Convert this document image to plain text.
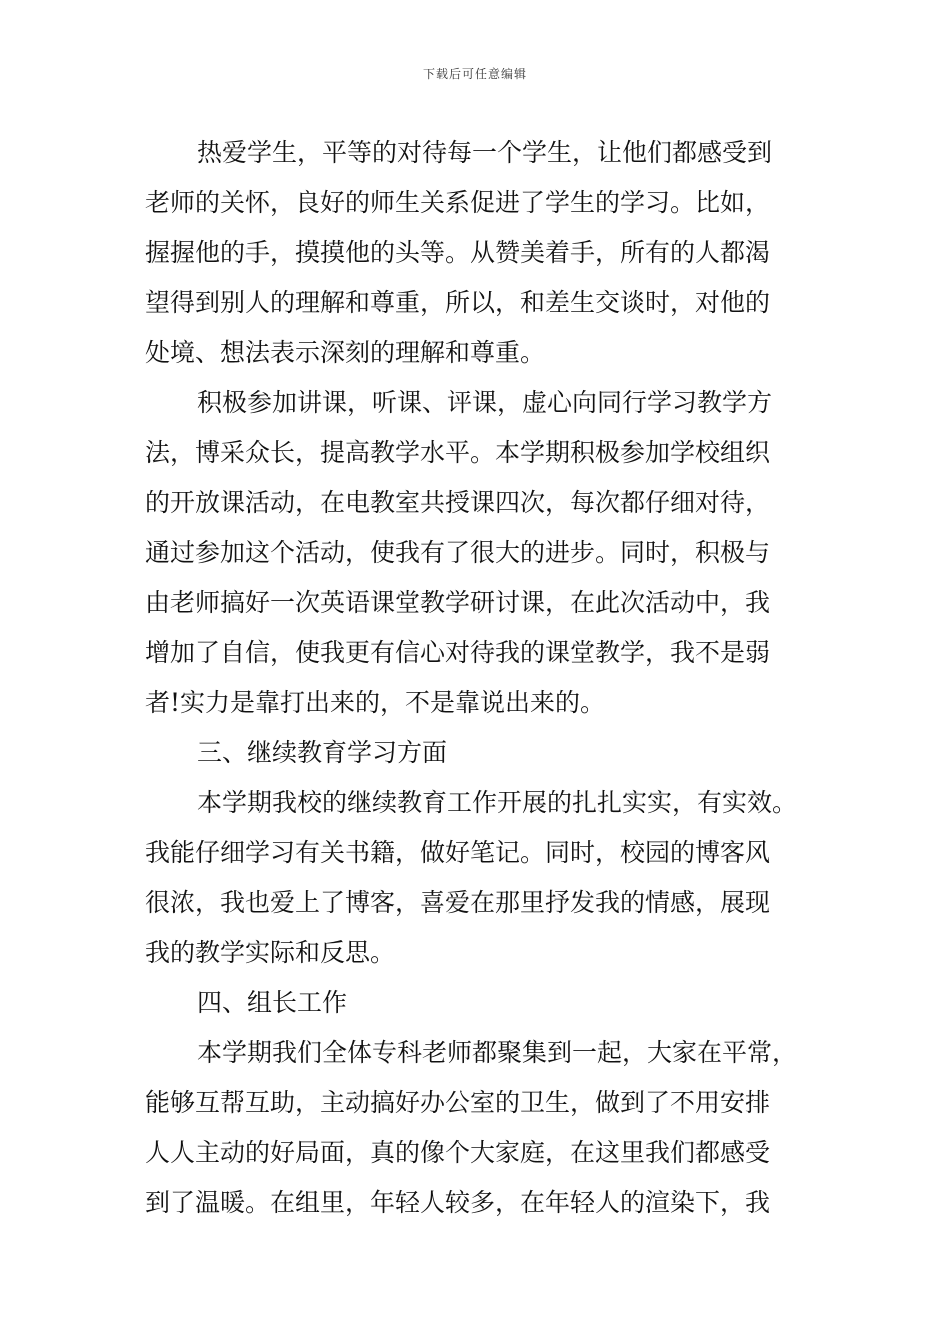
下载后可任意编辑
热爱学生，平等的对待每一个学生，让他们都感受到
老师的关怀，良好的师生关系促进了学生的学习。比如，
握握他的手，摸摸他的头等。从赞美着手，所有的人都渴
望得到别人的理解和尊重，所以，和差生交谈时，对他的
处境、想法表示深刻的理解和尊重。
积极参加讲课，听课、评课，虚心向同行学习教学方
法，博采众长，提高教学水平。本学期积极参加学校组织
的开放课活动，在电教室共授课四次，每次都仔细对待，
通过参加这个活动，使我有了很大的进步。同时，积极与
由老师搞好一次英语课堂教学研讨课，在此次活动中，我
增加了自信，使我更有信心对待我的课堂教学，我不是弱
者!实力是靠打出来的，不是靠说出来的。
三、继续教育学习方面
本学期我校的继续教育工作开展的扎扎实实，有实效。
我能仔细学习有关书籍，做好笔记。同时，校园的博客风
很浓，我也爱上了博客，喜爱在那里抒发我的情感，展现
我的教学实际和反思。
四、组长工作
本学期我们全体专科老师都聚集到一起，大家在平常，
能够互帮互助，主动搞好办公室的卫生，做到了不用安排
人人主动的好局面，真的像个大家庭，在这里我们都感受
到了温暖。在组里，年轻人较多，在年轻人的渲染下，我
